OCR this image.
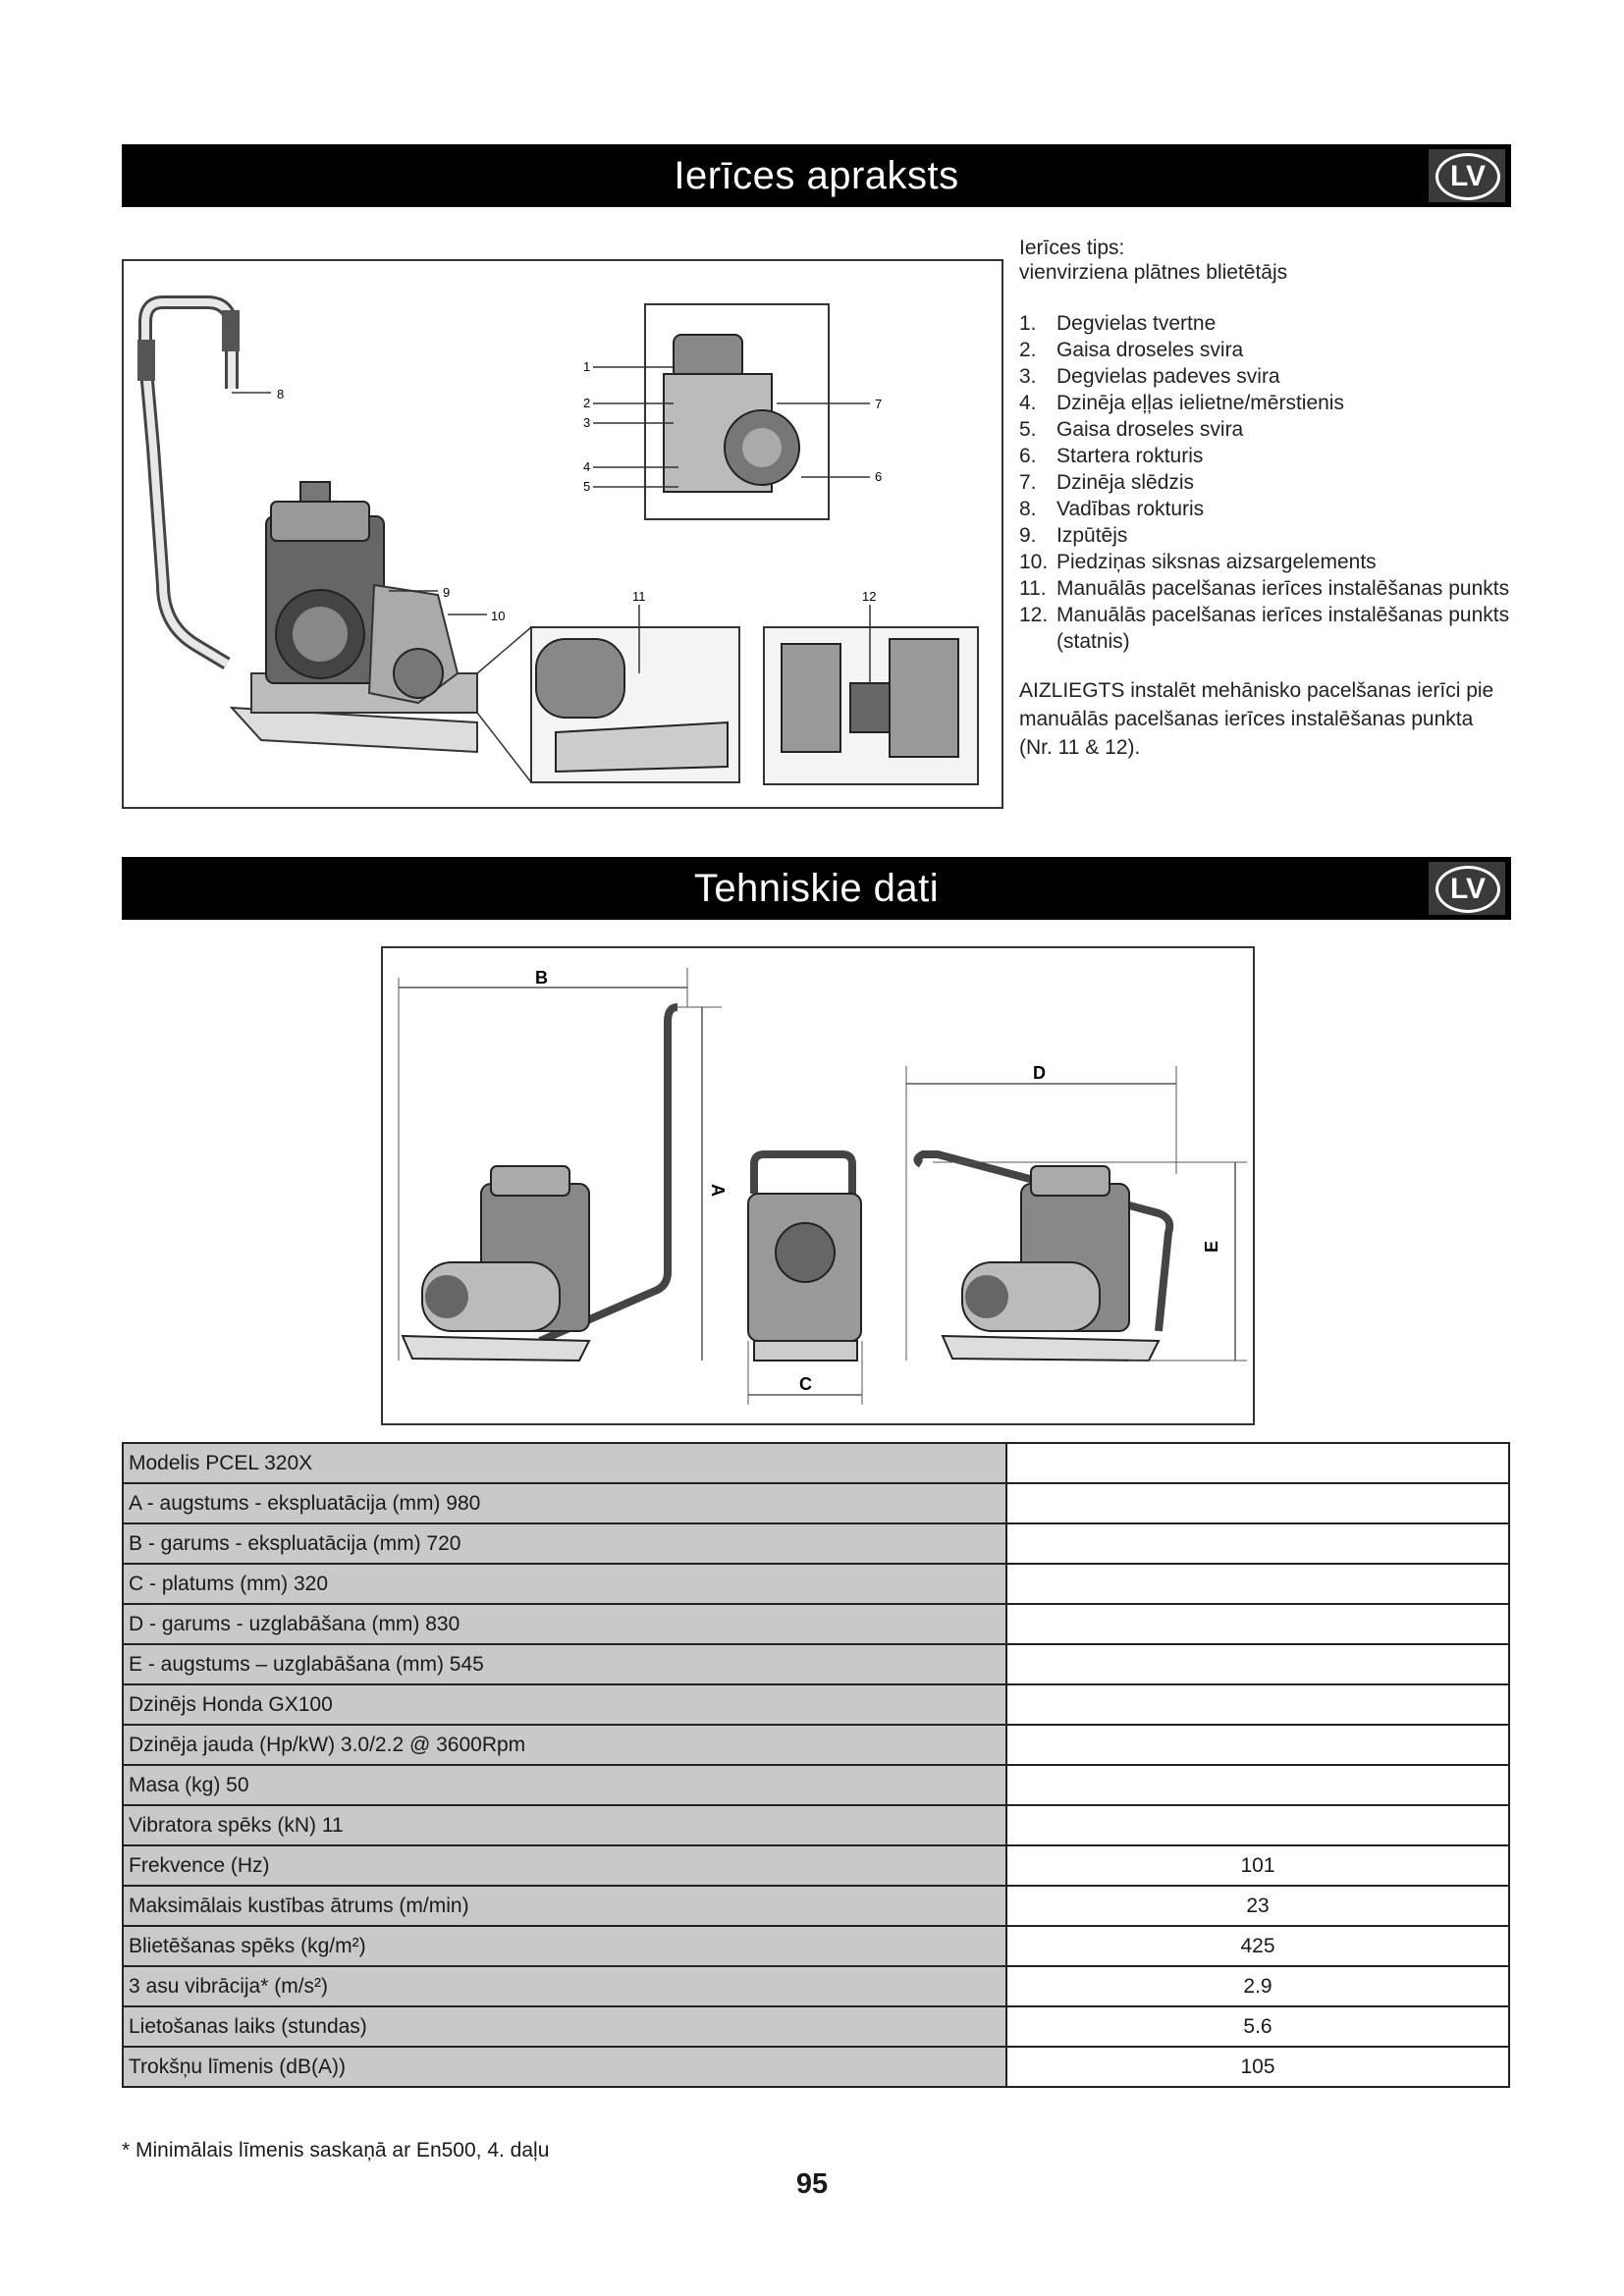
Ierīces apraksts	LV
8
9
10
1
2
3
4
5
6
7
11	12
Ierīces tips:
vienvirziena plātnes blietētājs
1. Degvielas tvertne
2. Gaisa droseles svira
3. Degvielas padeves svira
4. Dzinēja eļļas ielietne/mērstienis
5. Gaisa droseles svira
6. Startera rokturis
7. Dzinēja slēdzis
8. Vadības rokturis
9. Izpūtējs
10. Piedziņas siksnas aizsargelements
11. Manuālās pacelšanas ierīces instalēšanas punkts
12. Manuālās pacelšanas ierīces instalēšanas punkts (statnis)
AIZLIEGTS instalēt mehānisko pacelšanas ierīci pie manuālās pacelšanas ierīces instalēšanas punkta (Nr. 11 & 12).
Tehniskie dati	LV
B
A
C
D
E
Modelis PCEL 320X	
A - augstums - ekspluatācija (mm) 980	
B - garums - ekspluatācija (mm) 720	
C - platums (mm) 320	
D - garums - uzglabāšana (mm) 830	
E - augstums – uzglabāšana (mm) 545	
Dzinējs Honda GX100	
Dzinēja jauda (Hp/kW) 3.0/2.2 @ 3600Rpm	
Masa (kg) 50	
Vibratora spēks (kN) 11	
Frekvence (Hz)	101
Maksimālais kustības ātrums (m/min)	23
Blietēšanas spēks (kg/m²)	425
3 asu vibrācija* (m/s²)	2.9
Lietošanas laiks (stundas)	5.6
Trokšņu līmenis (dB(A))	105
* Minimālais līmenis saskaņā ar En500, 4. daļu
95
